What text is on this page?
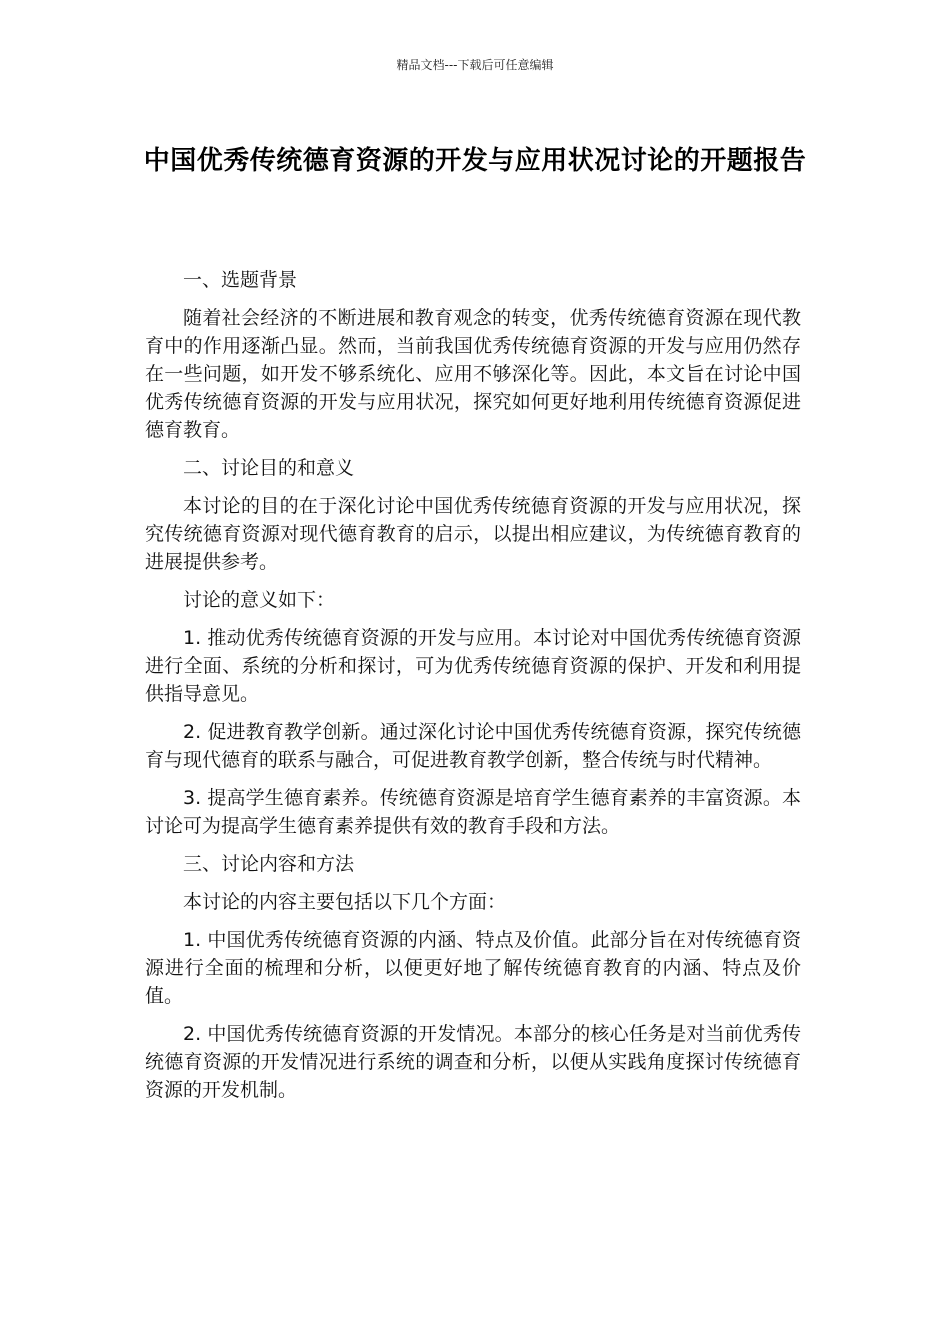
精品文档---下载后可任意编辑
中国优秀传统德育资源的开发与应用状况讨论的开题报告

一、选题背景

随着社会经济的不断进展和教育观念的转变，优秀传统德育资源在现代教育中的作用逐渐凸显。然而，当前我国优秀传统德育资源的开发与应用仍然存在一些问题，如开发不够系统化、应用不够深化等。因此，本文旨在讨论中国优秀传统德育资源的开发与应用状况，探究如何更好地利用传统德育资源促进德育教育。

二、讨论目的和意义

本讨论的目的在于深化讨论中国优秀传统德育资源的开发与应用状况，探究传统德育资源对现代德育教育的启示，以提出相应建议，为传统德育教育的进展提供参考。

讨论的意义如下：

1. 推动优秀传统德育资源的开发与应用。本讨论对中国优秀传统德育资源进行全面、系统的分析和探讨，可为优秀传统德育资源的保护、开发和利用提供指导意见。

2. 促进教育教学创新。通过深化讨论中国优秀传统德育资源，探究传统德育与现代德育的联系与融合，可促进教育教学创新，整合传统与时代精神。

3. 提高学生德育素养。传统德育资源是培育学生德育素养的丰富资源。本讨论可为提高学生德育素养提供有效的教育手段和方法。

三、讨论内容和方法

本讨论的内容主要包括以下几个方面：

1. 中国优秀传统德育资源的内涵、特点及价值。此部分旨在对传统德育资源进行全面的梳理和分析，以便更好地了解传统德育教育的内涵、特点及价值。

2. 中国优秀传统德育资源的开发情况。本部分的核心任务是对当前优秀传统德育资源的开发情况进行系统的调查和分析，以便从实践角度探讨传统德育资源的开发机制。
